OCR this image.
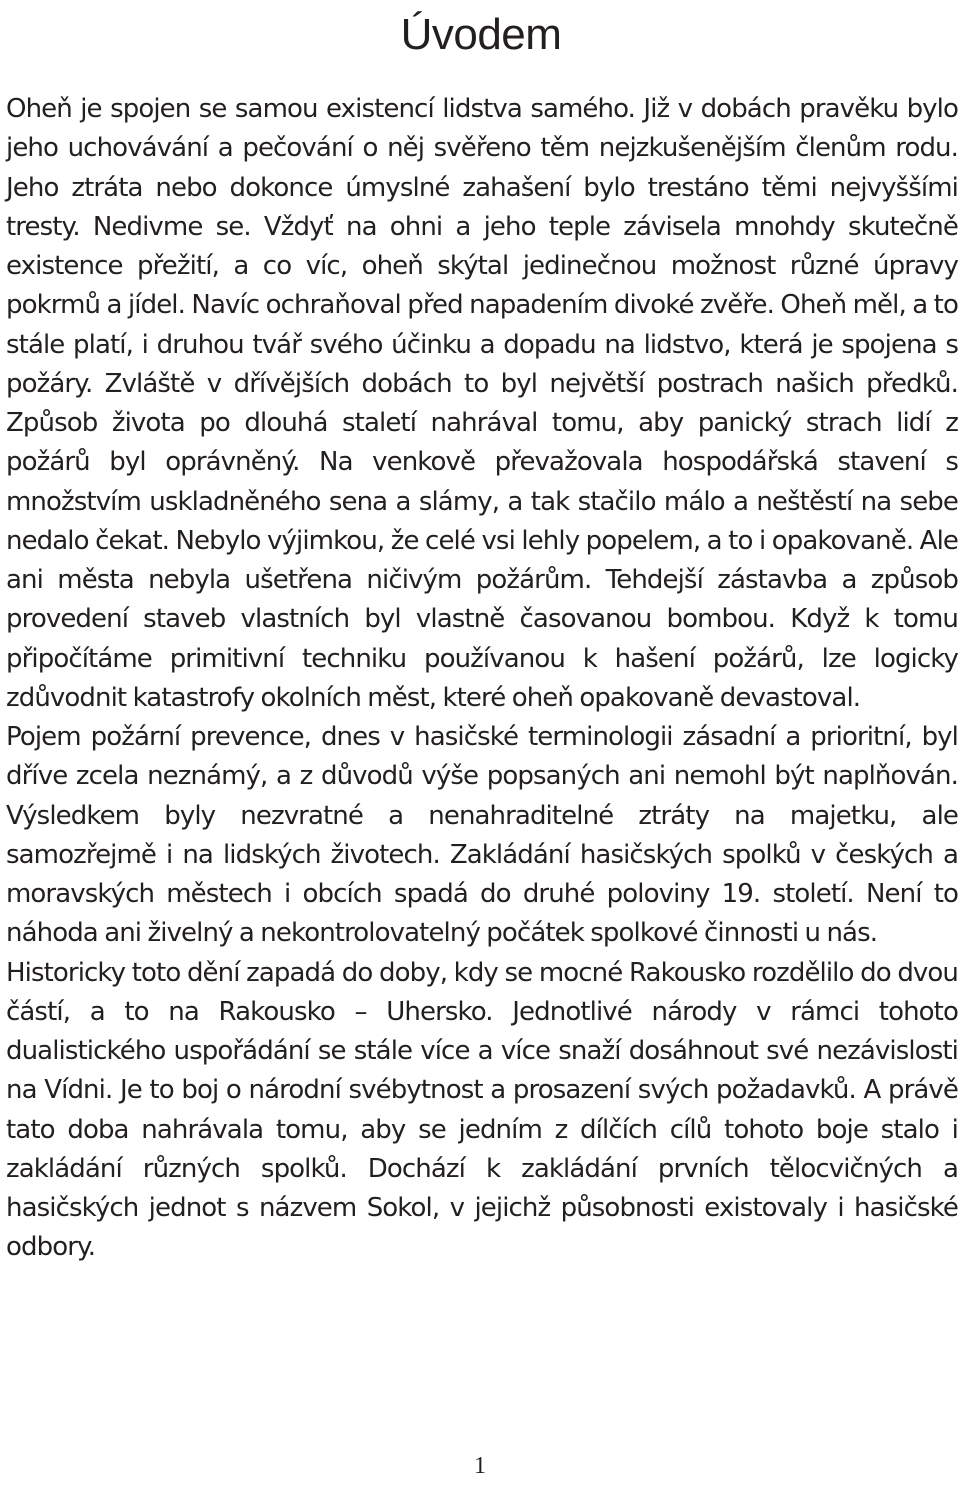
Úvodem

Oheň je spojen se samou existencí lidstva samého. Již v dobách pravěku bylo jeho uchovávání a pečování o něj svěřeno těm nejzkušenějším členům rodu. Jeho ztráta nebo dokonce úmyslné zahašení bylo trestáno těmi nejvyššími tresty. Nedivme se. Vždyť na ohni a jeho teple závisela mnohdy skutečně existence přežití, a co víc, oheň skýtal jedinečnou možnost různé úpravy pokrmů a jídel. Navíc ochraňoval před napadením divoké zvěře. Oheň měl, a to stále platí, i druhou tvář svého účinku a dopadu na lidstvo, která je spojena s požáry. Zvláště v dřívějších dobách to byl největší postrach našich předků. Způsob života po dlouhá staletí nahrával tomu, aby panický strach lidí z požárů byl oprávněný. Na venkově převažovala hospodářská stavení s množstvím uskladněného sena a slámy, a tak stačilo málo a neštěstí na sebe nedalo čekat. Nebylo výjimkou, že celé vsi lehly popelem, a to i opakovaně. Ale ani města nebyla ušetřena ničivým požárům. Tehdejší zástavba a způsob provedení staveb vlastních byl vlastně časovanou bombou. Když k tomu připočítáme primitivní techniku používanou k hašení požárů, lze logicky zdůvodnit katastrofy okolních měst, které oheň opakovaně devastoval.

Pojem požární prevence, dnes v hasičské terminologii zásadní a prioritní, byl dříve zcela neznámý, a z důvodů výše popsaných ani nemohl být naplňován. Výsledkem byly nezvratné a nenahraditelné ztráty na majetku, ale samozřejmě i na lidských životech. Zakládání hasičských spolků v českých a moravských městech i obcích spadá do druhé poloviny 19. století. Není to náhoda ani živelný a nekontrolovatelný počátek spolkové činnosti u nás.

Historicky toto dění zapadá do doby, kdy se mocné Rakousko rozdělilo do dvou částí, a to na Rakousko – Uhersko. Jednotlivé národy v rámci tohoto dualistického uspořádání se stále více a více snaží dosáhnout své nezávislosti na Vídni. Je to boj o národní svébytnost a prosazení svých požadavků. A právě tato doba nahrávala tomu, aby se jedním z dílčích cílů tohoto boje stalo i zakládání různých spolků. Dochází k zakládání prvních tělocvičných a hasičských jednot s názvem Sokol, v jejichž působnosti existovaly i hasičské odbory.

1
